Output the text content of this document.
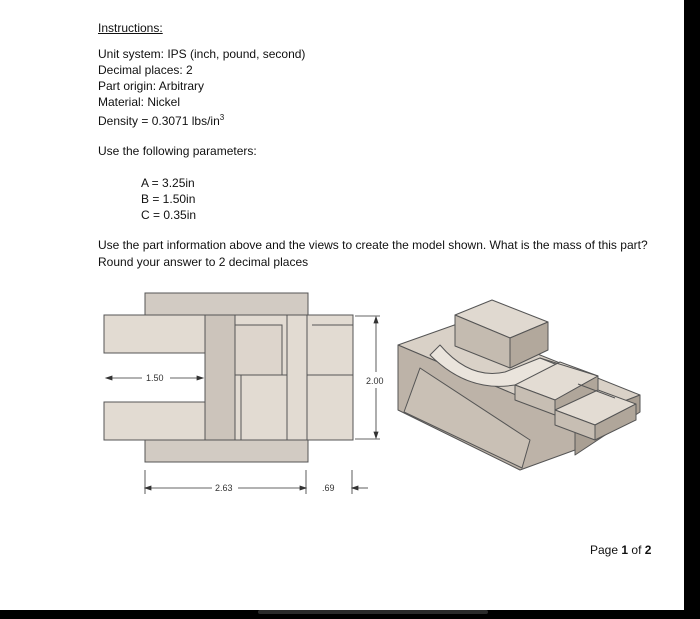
Instructions:
Unit system: IPS (inch, pound, second)
Decimal places: 2
Part origin: Arbitrary
Material: Nickel
Density = 0.3071 lbs/$in^3$
Use the following parameters:
A = 3.25in
B = 1.50in
C = 0.35in
Use the part information above and the views to create the model shown. What is the mass of this part? Round your answer to 2 decimal places
1.50	2.00
2.63	.69
Page 1 of 2
